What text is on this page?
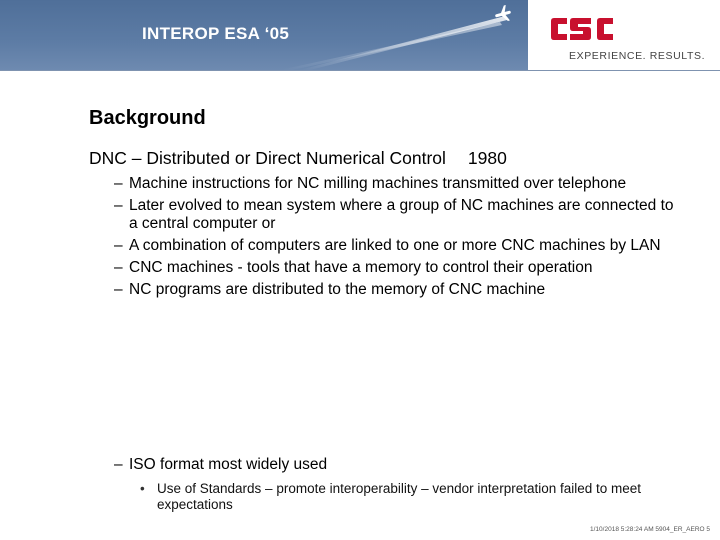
INTEROP ESA ‘05
EXPERIENCE. RESULTS.
Background
DNC – Distributed or Direct Numerical Control 1980
– Machine instructions for NC milling machines transmitted over telephone
– Later evolved to mean system where a group of NC machines are connected to a central computer or
– A combination of computers are linked to one or more CNC machines by LAN
– CNC machines - tools that have a memory to control their operation
– NC programs are distributed to the memory of CNC machine
– ISO format most widely used
• Use of Standards – promote interoperability – vendor interpretation failed to meet expectations
1/10/2018 5:28:24 AM 5904_ER_AERO 5
